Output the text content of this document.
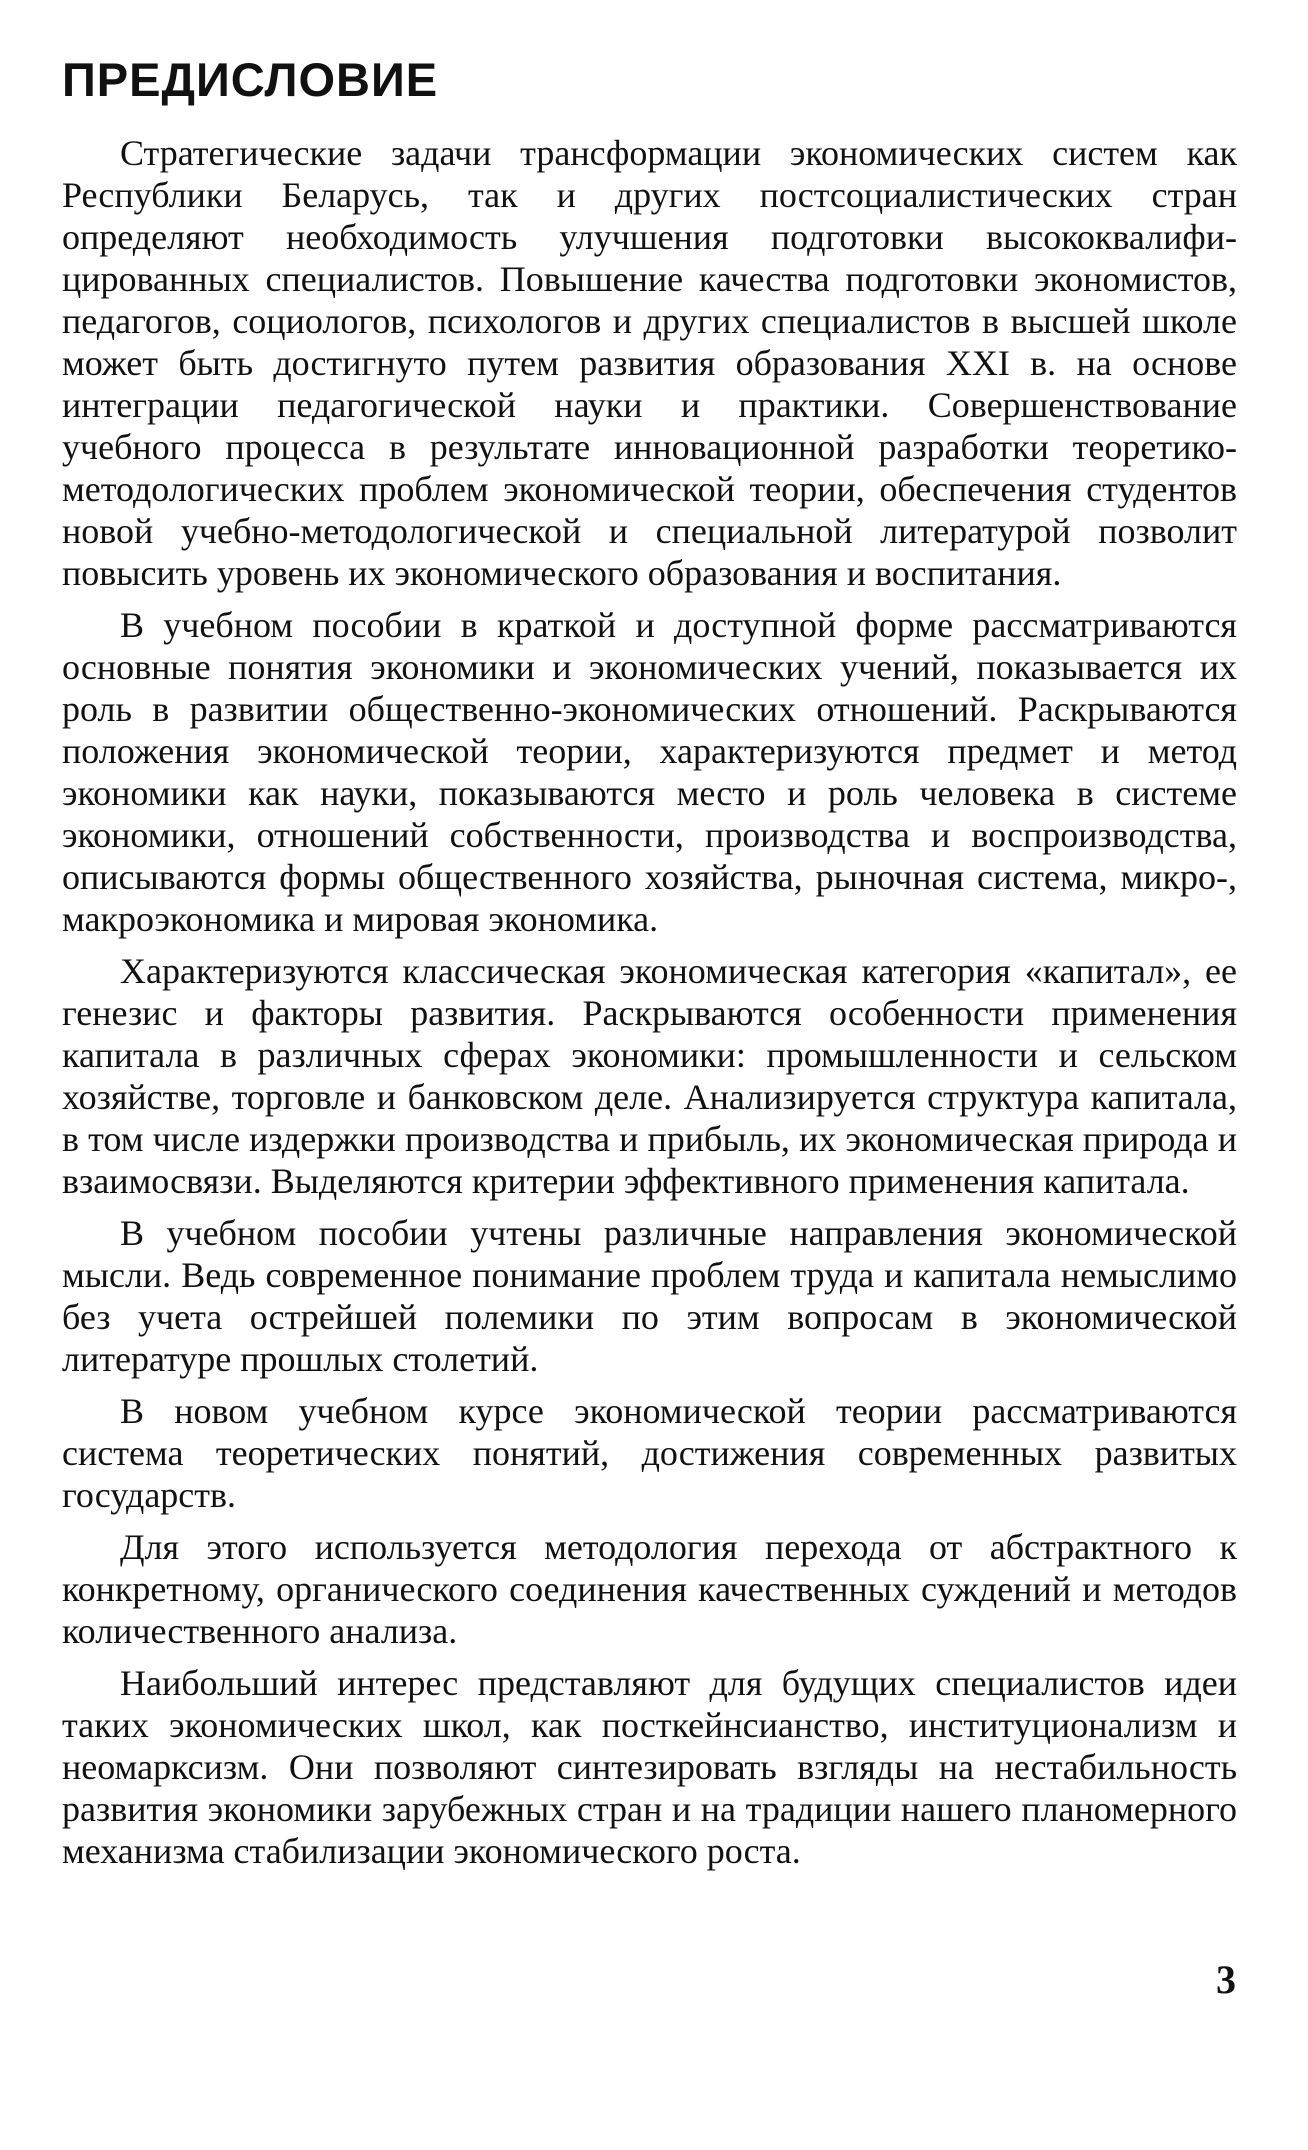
ПРЕДИСЛОВИЕ

Стратегические задачи трансформации экономических систем как Республики Беларусь, так и других постсоциалистических стран определяют необходимость улучшения подготовки высококвалифицированных специалистов. Повышение качества подготовки экономистов, педагогов, социологов, психологов и других специалистов в высшей школе может быть достигнуто путем развития образования XXI в. на основе интеграции педагогической науки и практики. Совершенствование учебного процесса в результате инновационной разработки теоретико-методологических проблем экономической теории, обеспечения студентов новой учебно-методологической и специальной литературой позволит повысить уровень их экономического образования и воспитания.

В учебном пособии в краткой и доступной форме рассматриваются основные понятия экономики и экономических учений, показывается их роль в развитии общественно-экономических отношений. Раскрываются положения экономической теории, характеризуются предмет и метод экономики как науки, показываются место и роль человека в системе экономики, отношений собственности, производства и воспроизводства, описываются формы общественного хозяйства, рыночная система, микро-, макроэкономика и мировая экономика.

Характеризуются классическая экономическая категория «капитал», ее генезис и факторы развития. Раскрываются особенности применения капитала в различных сферах экономики: промышленности и сельском хозяйстве, торговле и банковском деле. Анализируется структура капитала, в том числе издержки производства и прибыль, их экономическая природа и взаимосвязи. Выделяются критерии эффективного применения капитала.

В учебном пособии учтены различные направления экономической мысли. Ведь современное понимание проблем труда и капитала немыслимо без учета острейшей полемики по этим вопросам в экономической литературе прошлых столетий.

В новом учебном курсе экономической теории рассматриваются система теоретических понятий, достижения современных развитых государств.

Для этого используется методология перехода от абстрактного к конкретному, органического соединения качественных суждений и методов количественного анализа.

Наибольший интерес представляют для будущих специалистов идеи таких экономических школ, как посткейнсианство, институционализм и неомарксизм. Они позволяют синтезировать взгляды на нестабильность развития экономики зарубежных стран и на традиции нашего планомерного механизма стабилизации экономического роста.

3
